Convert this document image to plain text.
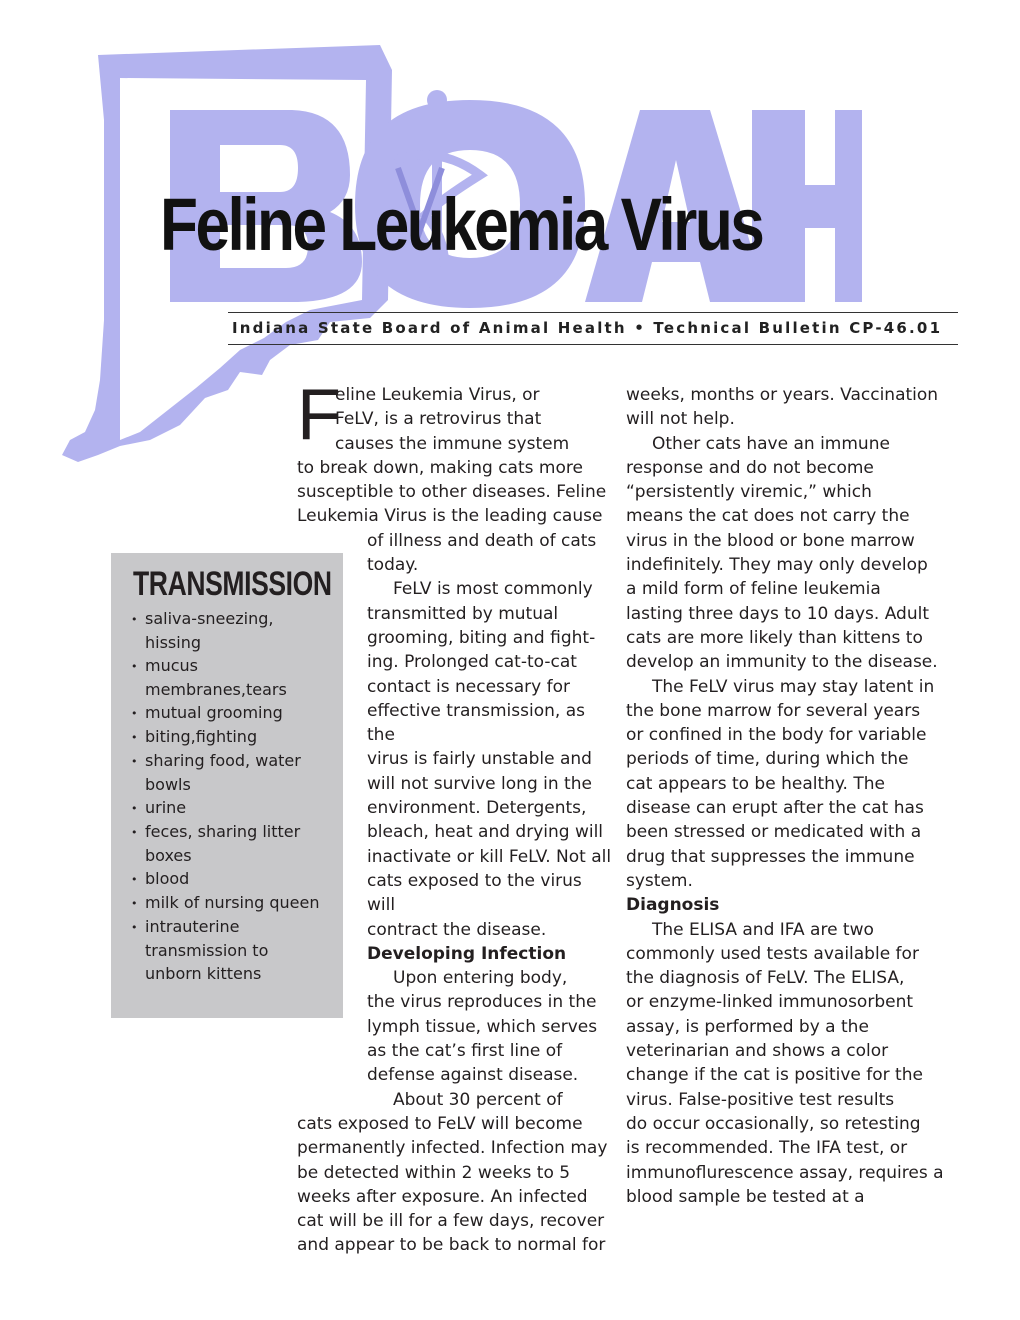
Feline Leukemia Virus
Indiana State Board of Animal Health • Technical Bulletin CP-46.01
TRANSMISSION
• saliva-sneezing,
hissing
• mucus
membranes,tears
• mutual grooming
• biting,fighting
• sharing food, water
bowls
• urine
• feces, sharing litter
boxes
• blood
• milk of nursing queen
• intrauterine
transmission to
unborn kittens
F

eline Leukemia Virus, or

FeLV, is a retrovirus that

causes the immune system

to break down, making cats more

susceptible to other diseases. Feline

Leukemia Virus is the leading cause

of illness and death of cats

today.

FeLV is most commonly

transmitted by mutual

grooming, biting and fight-

ing. Prolonged cat-to-cat

contact is necessary for

effective transmission, as the

virus is fairly unstable and

will not survive long in the

environment. Detergents,

bleach, heat and drying will

inactivate or kill FeLV. Not all

cats exposed to the virus will

contract the disease.

Developing Infection

Upon entering body,

the virus reproduces in the

lymph tissue, which serves

as the cat’s first line of

defense against disease.

About 30 percent of

cats exposed to FeLV will become

permanently infected. Infection may

be detected within 2 weeks to 5

weeks after exposure. An infected

cat will be ill for a few days, recover

and appear to be back to normal for

weeks, months or years. Vaccination

will not help.

Other cats have an immune

response and do not become

“persistently viremic,” which

means the cat does not carry the

virus in the blood or bone marrow

indefinitely. They may only develop

a mild form of feline leukemia

lasting three days to 10 days. Adult

cats are more likely than kittens to

develop an immunity to the disease.

The FeLV virus may stay latent in

the bone marrow for several years

or confined in the body for variable

periods of time, during which the

cat appears to be healthy. The

disease can erupt after the cat has

been stressed or medicated with a

drug that suppresses the immune

system.

Diagnosis

The ELISA and IFA are two

commonly used tests available for

the diagnosis of FeLV. The ELISA,

or enzyme-linked immunosorbent

assay, is performed by a the

veterinarian and shows a color

change if the cat is positive for the

virus. False-positive test results

do occur occasionally, so retesting

is recommended. The IFA test, or

immunoflurescence assay, requires a

blood sample be tested at a
